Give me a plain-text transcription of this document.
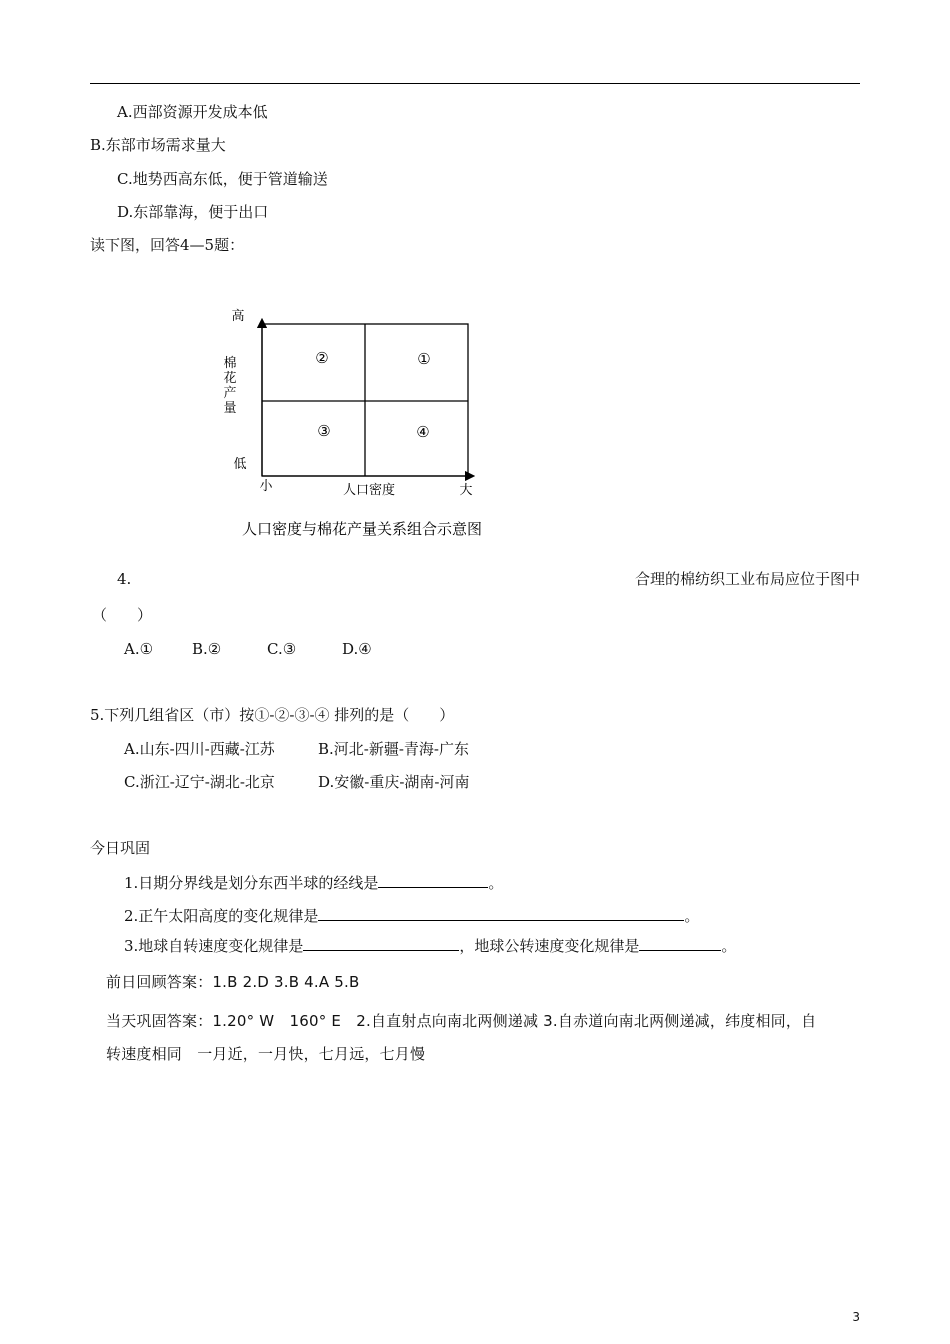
A.西部资源开发成本低
B.东部市场需求量大
C.地势西高东低，便于管道输送
D.东部靠海，便于出口
读下图，回答4—5题：
②	①
③	④
高
棉
花
产
量
低
小	人口密度	大
人口密度与棉花产量关系组合示意图
4.	合理的棉纺织工业布局应位于图中
（　　）
A.①	B.②	C.③	D.④
5.下列几组省区（市）按①-②-③-④ 排列的是（　　）
A.山东-四川-西藏-江苏	B.河北-新疆-青海-广东
C.浙江-辽宁-湖北-北京	D.安徽-重庆-湖南-河南
今日巩固
1.日期分界线是划分东西半球的经线是	。
2.正午太阳高度的变化规律是	。
3.地球自转速度变化规律是	，地球公转速度变化规律是	。
前日回顾答案：1.B 2.D 3.B 4.A 5.B
当天巩固答案：1.20° W　160° E　2.自直射点向南北两侧递减 3.自赤道向南北两侧递减，纬度相同，自
转速度相同　一月近，一月快，七月远，七月慢
3
